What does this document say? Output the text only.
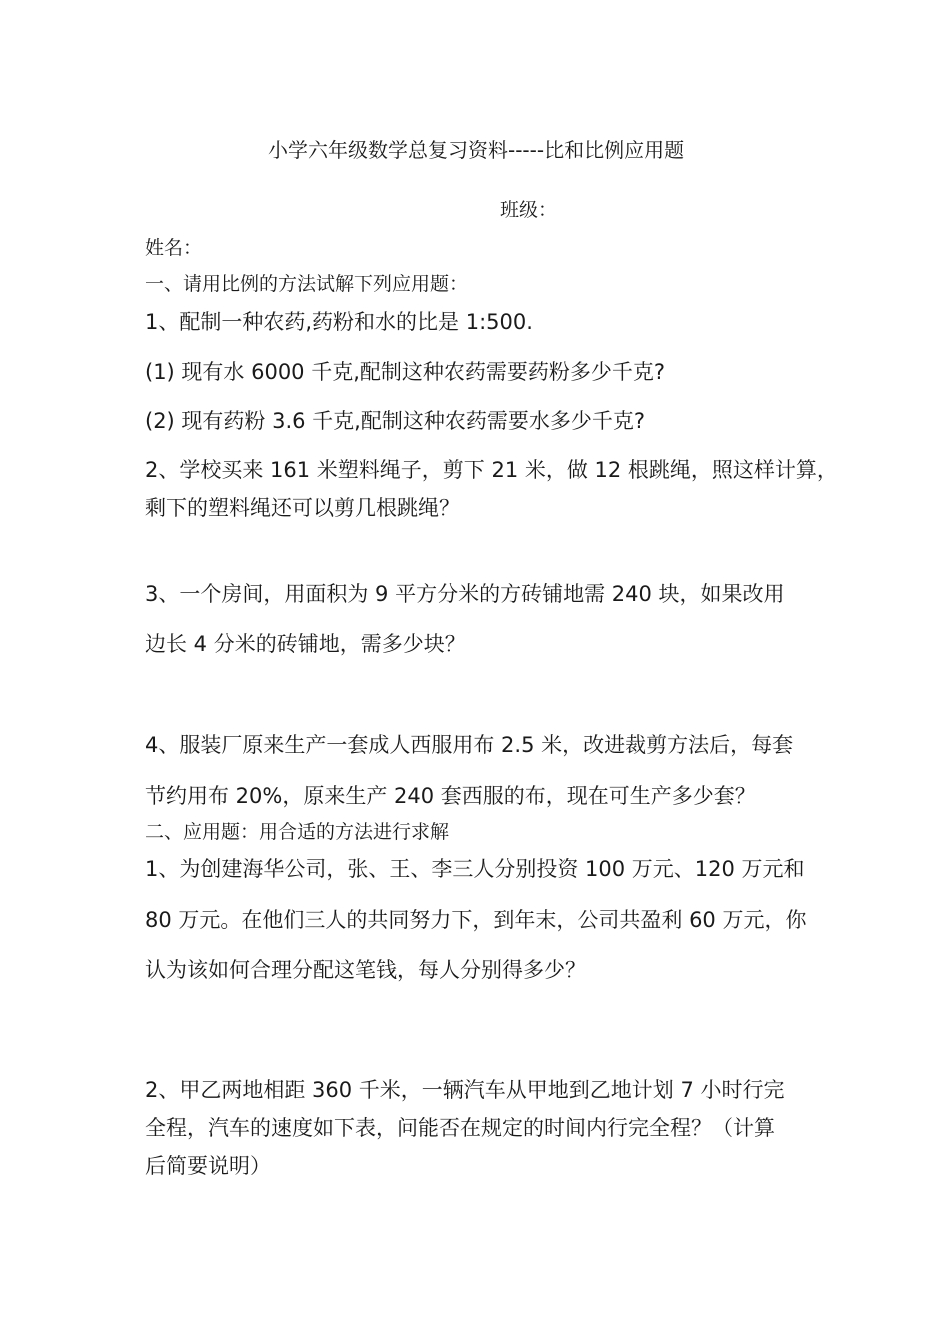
小学六年级数学总复习资料-----比和比例应用题
班级：
姓名：
一、请用比例的方法试解下列应用题：
1、配制一种农药,药粉和水的比是 1:500.
(1) 现有水 6000 千克,配制这种农药需要药粉多少千克?
(2) 现有药粉 3.6 千克,配制这种农药需要水多少千克?
2、学校买来 161 米塑料绳子，剪下 21 米，做 12 根跳绳，照这样计算，
剩下的塑料绳还可以剪几根跳绳？
3、一个房间，用面积为 9 平方分米的方砖铺地需 240 块，如果改用
边长 4 分米的砖铺地，需多少块？
4、服装厂原来生产一套成人西服用布 2.5 米，改进裁剪方法后，每套
节约用布 20%，原来生产 240 套西服的布，现在可生产多少套？
二、应用题：用合适的方法进行求解
1、为创建海华公司，张、王、李三人分别投资 100 万元、120 万元和
80 万元。在他们三人的共同努力下，到年末，公司共盈利 60 万元，你
认为该如何合理分配这笔钱，每人分别得多少？
2、甲乙两地相距 360 千米，一辆汽车从甲地到乙地计划 7 小时行完
全程，汽车的速度如下表，问能否在规定的时间内行完全程？（计算
后简要说明）
